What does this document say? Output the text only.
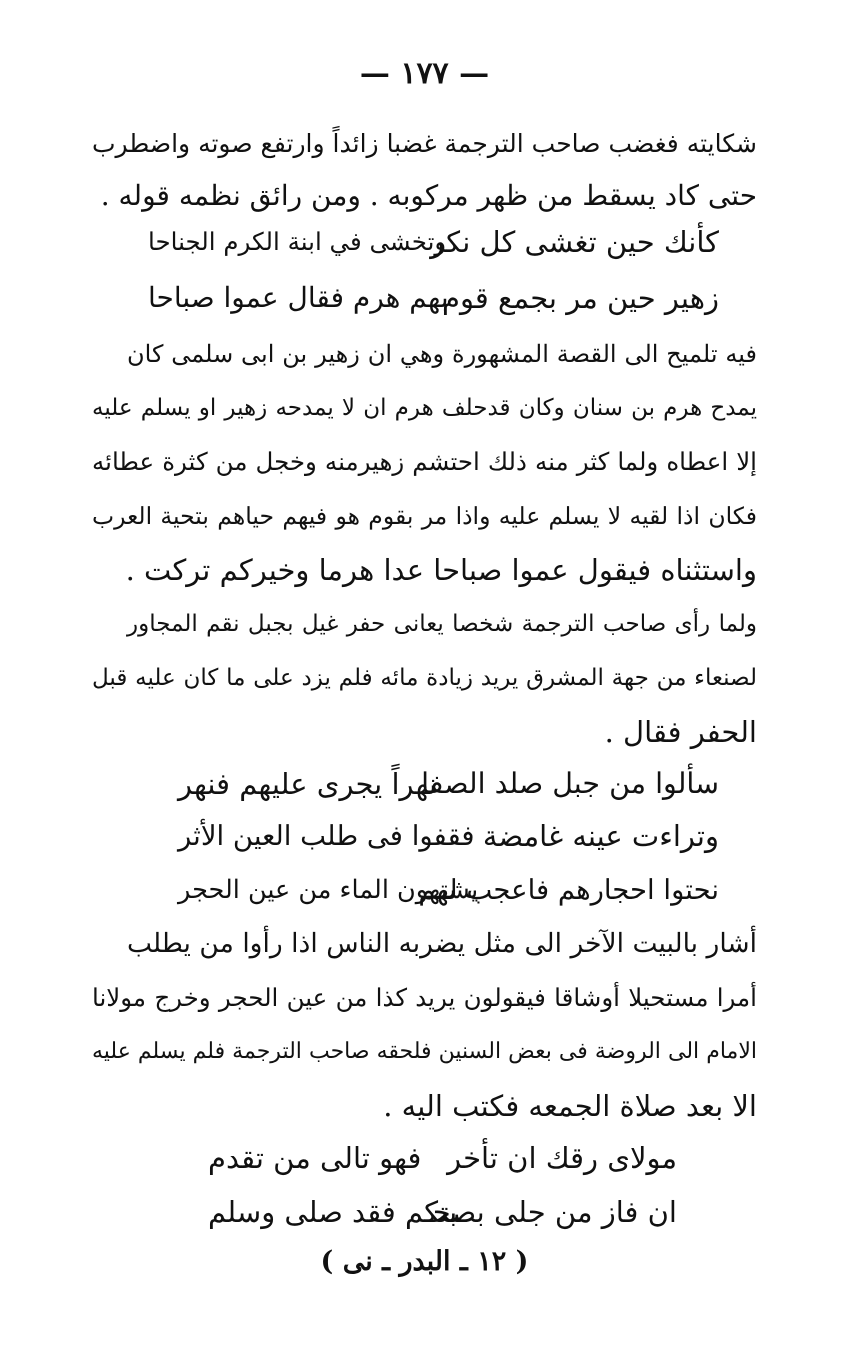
— ١٧٧ —
شكايته فغضب صاحب الترجمة غضبا زائداً وارتفع صوته واضطرب
حتى كاد يسقط من ظهر مركوبه . ومن رائق نظمه قوله .
كأنك حين تغشى كل نكر
وتخشى في ابنة الكرم الجناحا
زهير حين مر بجمع قوم
بهم هرم فقال عموا صباحا
فيه تلميح الى القصة المشهورة وهي ان زهير بن ابى سلمى كان
يمدح هرم بن سنان وكان قدحلف هرم ان لا يمدحه زهير او يسلم عليه
إلا اعطاه ولما كثر منه ذلك احتشم زهيرمنه وخجل من كثرة عطائه
فكان اذا لقيه لا يسلم عليه واذا مر بقوم هو فيهم حياهم بتحية العرب
واستثناه فيقول عموا صباحا عدا هرما وخيركم تركت .
ولما رأى صاحب الترجمة شخصا يعانى حفر غيل بجبل نقم المجاور
لصنعاء من جهة المشرق يريد زيادة مائه فلم يزد على ما كان عليه قبل
الحفر فقال .
سألوا من جبل صلد الصفا
نهراً يجرى عليهم فنهر
وتراءت عينه غامضة
فقفوا فى طلب العين الأثر
نحتوا احجارهم فاعجب لهم
يشتهون الماء من عين الحجر
أشار بالبيت الآخر الى مثل يضربه الناس اذا رأوا من يطلب
أمرا مستحيلا أوشاقا فيقولون يريد كذا من عين الحجر وخرج مولانا
الامام الى الروضة فى بعض السنين فلحقه صاحب الترجمة فلم يسلم عليه
الا بعد صلاة الجمعه فكتب اليه .
مولاى رقك ان تأخر
فهو تالى من تقدم
ان فاز من جلى بصحـ
ـبتكم فقد صلى وسلم
( ١٢ ـ البدر ـ نى )
